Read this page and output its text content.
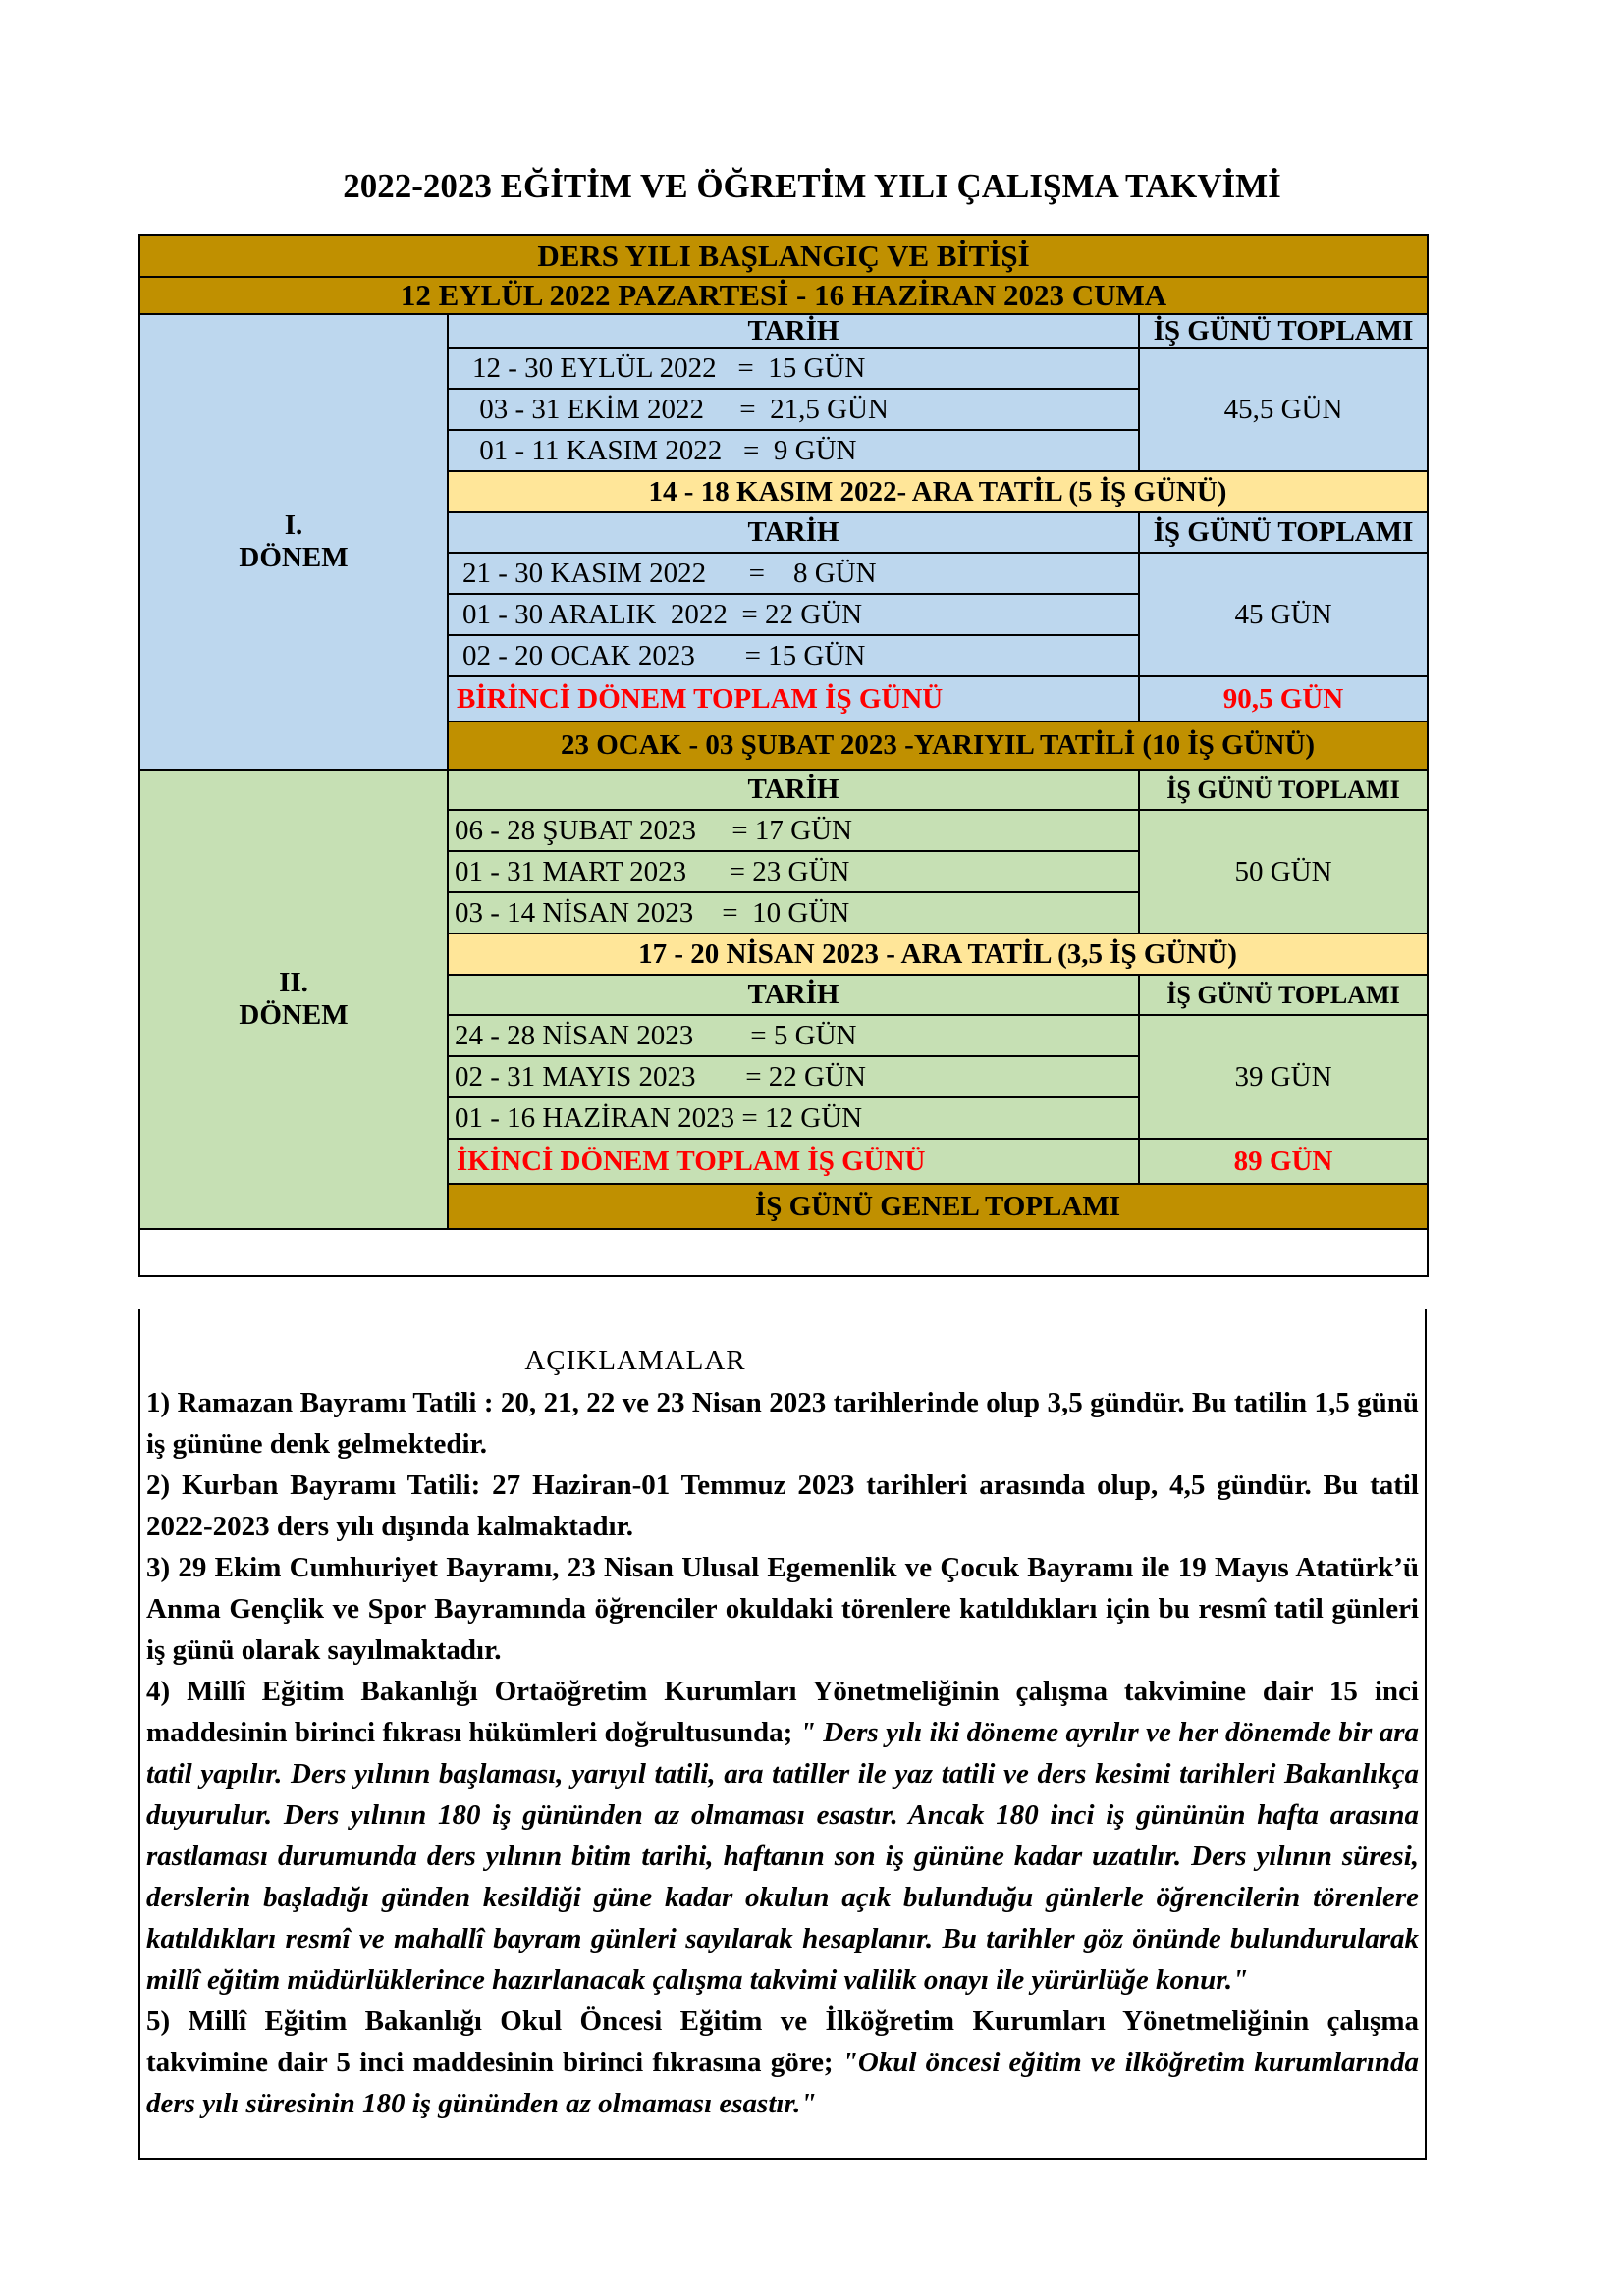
2022-2023 EĞİTİM VE ÖĞRETİM YILI ÇALIŞMA TAKVİMİ
DERS YILI BAŞLANGIÇ VE BİTİŞİ			
12 EYLÜL 2022 PAZARTESİ - 16 HAZİRAN 2023 CUMA			

I.
DÖNEM	TARİH	İŞ GÜNÜ TOPLAMI	
	12 - 30 EYLÜL 2022   =  15 GÜN	45,5 GÜN	
	03 - 31 EKİM 2022     =  21,5 GÜN		
	01 - 11 KASIM 2022   =  9 GÜN		
	14 - 18 KASIM 2022- ARA TATİL (5 İŞ GÜNÜ)		
	TARİH	İŞ GÜNÜ TOPLAMI	
	21 - 30 KASIM 2022      =    8 GÜN	45 GÜN	
	01 - 30 ARALIK  2022  = 22 GÜN		
	02 - 20 OCAK 2023       = 15 GÜN		
	BİRİNCİ DÖNEM TOPLAM İŞ GÜNÜ	90,5 GÜN	
	23 OCAK - 03 ŞUBAT 2023 -YARIYIL TATİLİ (10 İŞ GÜNÜ)		

II.
DÖNEM	TARİH	İŞ GÜNÜ TOPLAMI	
	06 - 28 ŞUBAT 2023     = 17 GÜN	50 GÜN	
	01 - 31 MART 2023      = 23 GÜN		
	03 - 14 NİSAN 2023    =  10 GÜN		
	17 - 20 NİSAN 2023 - ARA TATİL (3,5 İŞ GÜNÜ)		
	TARİH	İŞ GÜNÜ TOPLAMI	
	24 - 28 NİSAN 2023        = 5 GÜN	39 GÜN	
	02 - 31 MAYIS 2023       = 22 GÜN		
	01 - 16 HAZİRAN 2023 = 12 GÜN		
	İKİNCİ DÖNEM TOPLAM İŞ GÜNÜ	89 GÜN	
	İŞ GÜNÜ GENEL TOPLAMI	

AÇIKLAMALAR

1) Ramazan Bayramı Tatili : 20, 21, 22 ve 23 Nisan 2023 tarihlerinde olup 3,5 gündür. Bu tatilin 1,5 günü iş gününe denk gelmektedir.

2) Kurban Bayramı Tatili: 27 Haziran-01 Temmuz 2023 tarihleri arasında olup, 4,5 gündür. Bu tatil 2022-2023 ders yılı dışında kalmaktadır.

3) 29 Ekim Cumhuriyet Bayramı, 23 Nisan Ulusal Egemenlik ve Çocuk Bayramı ile 19 Mayıs Atatürk’ü Anma Gençlik ve Spor Bayramında öğrenciler okuldaki törenlere katıldıkları için bu resmî tatil günleri iş günü olarak sayılmaktadır.

4) Millî Eğitim Bakanlığı Ortaöğretim Kurumları Yönetmeliğinin çalışma takvimine dair 15 inci maddesinin birinci fıkrası hükümleri doğrultusunda; " Ders yılı iki döneme ayrılır ve her dönemde bir ara tatil yapılır. Ders yılının başlaması, yarıyıl tatili, ara tatiller ile yaz tatili ve ders kesimi tarihleri Bakanlıkça duyurulur. Ders yılının 180 iş gününden az olmaması esastır. Ancak 180 inci iş gününün hafta arasına rastlaması durumunda ders yılının bitim tarihi, haftanın son iş gününe kadar uzatılır. Ders yılının süresi, derslerin başladığı günden kesildiği güne kadar okulun açık bulunduğu günlerle öğrencilerin törenlere katıldıkları resmî ve mahallî bayram günleri sayılarak hesaplanır. Bu tarihler göz önünde bulundurularak millî eğitim müdürlüklerince hazırlanacak çalışma takvimi valilik onayı ile yürürlüğe konur."

5) Millî Eğitim Bakanlığı Okul Öncesi Eğitim ve İlköğretim Kurumları Yönetmeliğinin çalışma takvimine dair 5 inci maddesinin birinci fıkrasına göre; "Okul öncesi eğitim ve ilköğretim kurumlarında ders yılı süresinin 180 iş gününden az olmaması esastır."
